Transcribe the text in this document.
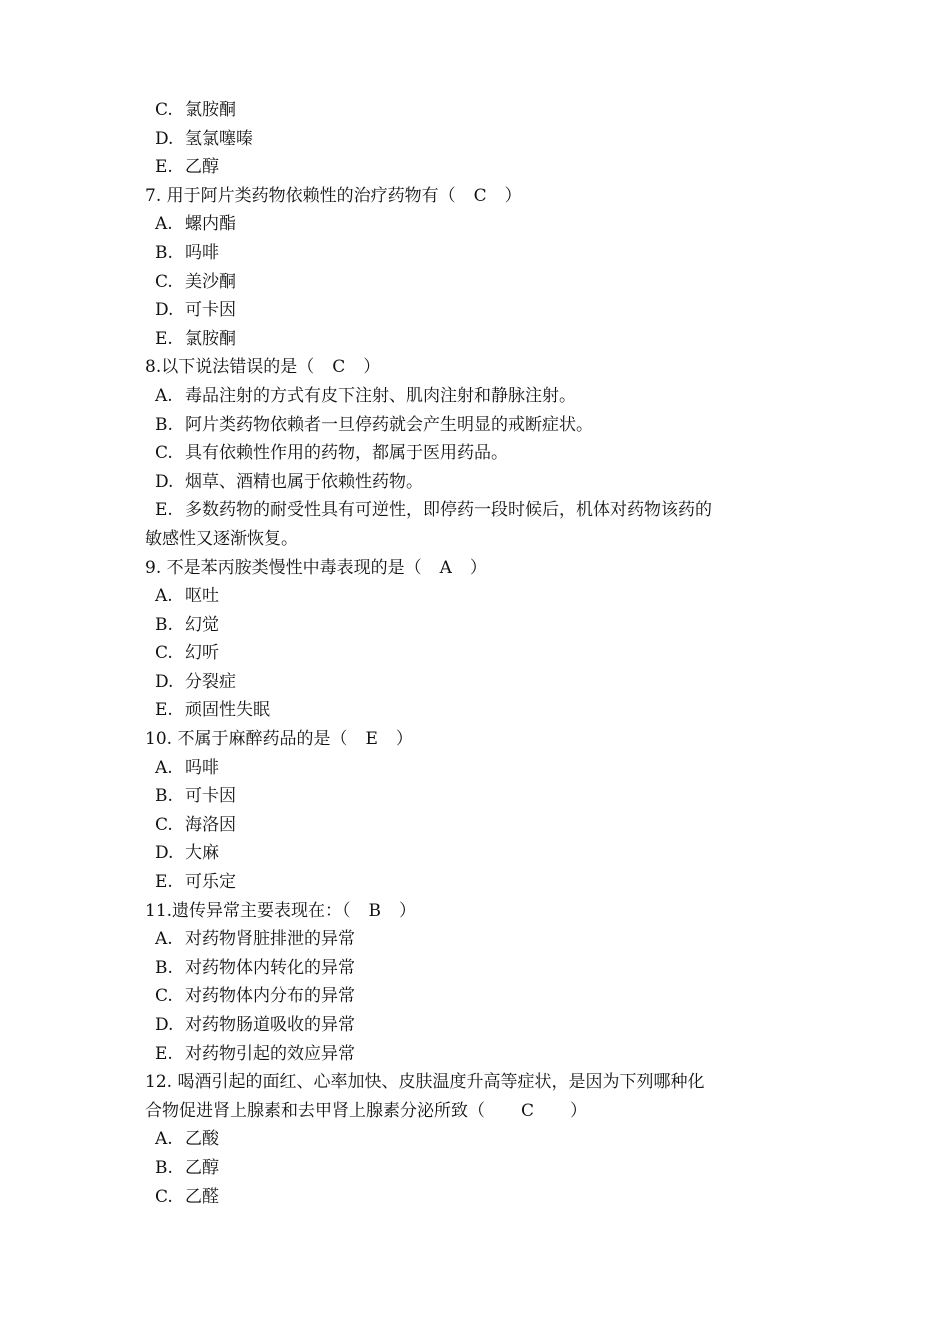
C. 氯胺酮
D. 氢氯噻嗪
E. 乙醇
7. 用于阿片类药物依赖性的治疗药物有（ C ）
A. 螺内酯
B. 吗啡
C. 美沙酮
D. 可卡因
E. 氯胺酮
8.以下说法错误的是（ C ）
A. 毒品注射的方式有皮下注射、肌肉注射和静脉注射。
B. 阿片类药物依赖者一旦停药就会产生明显的戒断症状。
C. 具有依赖性作用的药物，都属于医用药品。
D. 烟草、酒精也属于依赖性药物。
E. 多数药物的耐受性具有可逆性，即停药一段时候后，机体对药物该药的
敏感性又逐渐恢复。
9. 不是苯丙胺类慢性中毒表现的是（ A ）
A. 呕吐
B. 幻觉
C. 幻听
D. 分裂症
E. 顽固性失眠
10. 不属于麻醉药品的是（ E ）
A. 吗啡
B. 可卡因
C. 海洛因
D. 大麻
E. 可乐定
11.遗传异常主要表现在：（ B ）
A. 对药物肾脏排泄的异常
B. 对药物体内转化的异常
C. 对药物体内分布的异常
D. 对药物肠道吸收的异常
E. 对药物引起的效应异常
12. 喝酒引起的面红、心率加快、皮肤温度升高等症状，是因为下列哪种化
合物促进肾上腺素和去甲肾上腺素分泌所致（ C ）
A. 乙酸
B. 乙醇
C. 乙醛
